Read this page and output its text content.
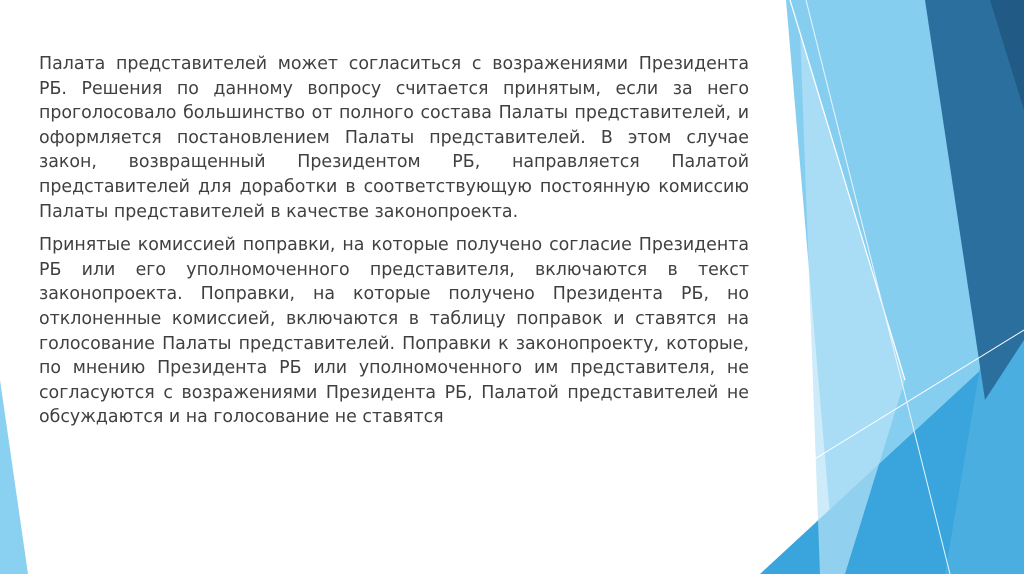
Палата представителей может согласиться с возражениями Президента РБ. Решения по данному вопросу считается принятым, если за него проголосовало большинство от полного состава Палаты представителей, и оформляется постановлением Палаты представителей. В этом случае закон, возвращенный Президентом РБ, направляется Палатой представителей для доработки в соответствующую постоянную комиссию Палаты представителей в качестве законопроекта.

Принятые комиссией поправки, на которые получено согласие Президента РБ или его уполномоченного представителя, включаются в текст законопроекта. Поправки, на которые получено Президента РБ, но отклоненные комиссией, включаются в таблицу поправок и ставятся на голосование Палаты представителей. Поправки к законопроекту, которые, по мнению Президента РБ или уполномоченного им представителя, не согласуются с возражениями Президента РБ, Палатой представителей не обсуждаются и на голосование не ставятся
